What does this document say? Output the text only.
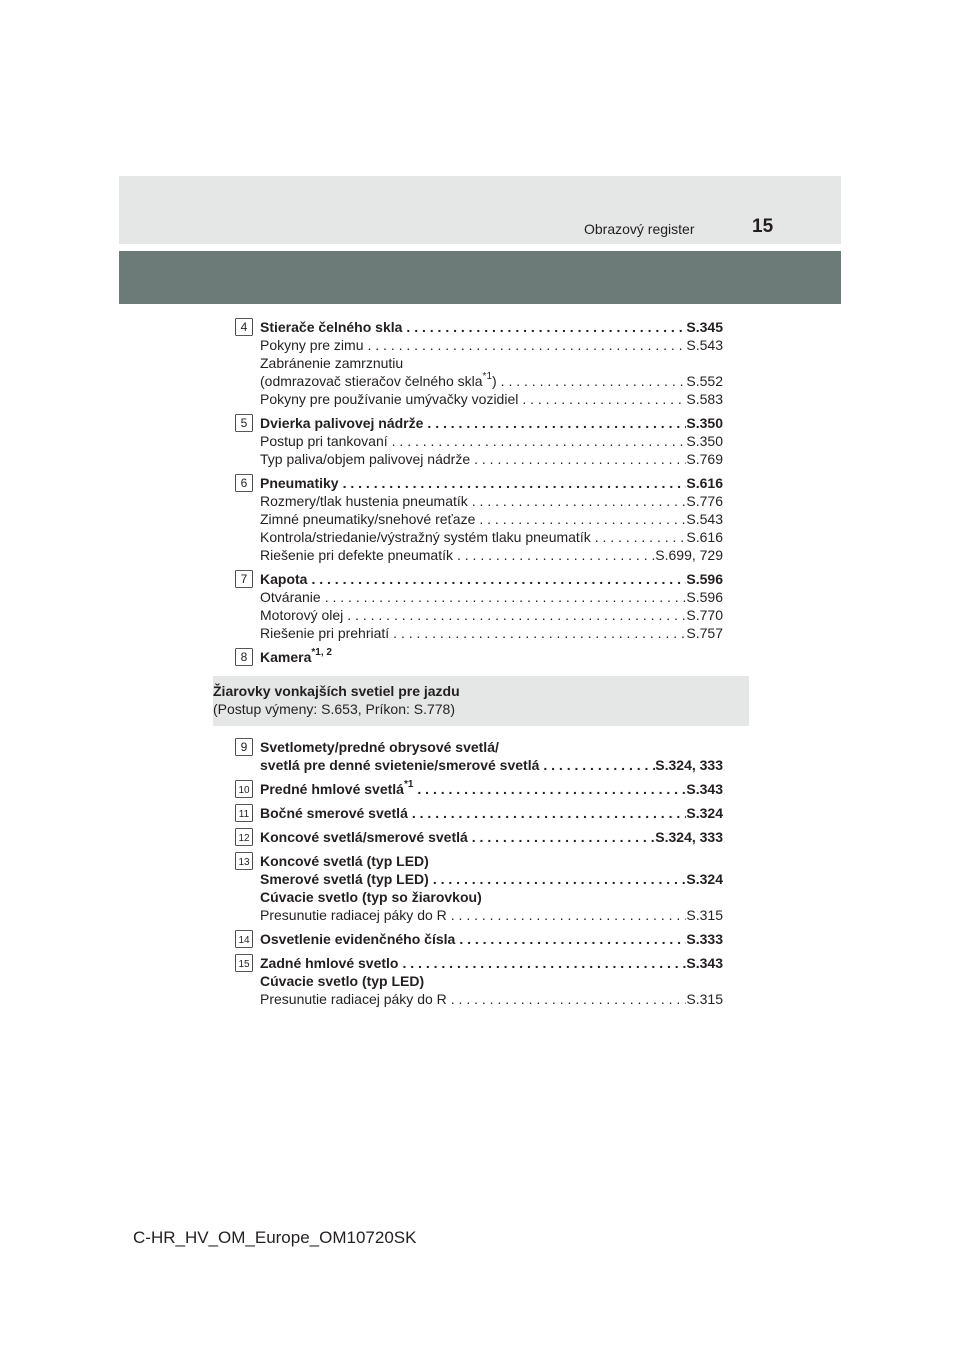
Obrazový register	15
4 Stierače čelného skla . . .	S.345
Pokyny pre zimu . . .	S.543
Zabránenie zamrznutiu
(odmrazovač stieračov čelného skla$^{*1}$) . . .	S.552
Pokyny pre používanie umývačky vozidiel . . .	S.583
5 Dvierka palivovej nádrže . . .	S.350
Postup pri tankovaní . . .	S.350
Typ paliva/objem palivovej nádrže . . .	S.769
6 Pneumatiky . . .	S.616
Rozmery/tlak hustenia pneumatík . . .	S.776
Zimné pneumatiky/snehové reťaze . . .	S.543
Kontrola/striedanie/výstražný systém tlaku pneumatík . . .	S.616
Riešenie pri defekte pneumatík . . .	S.699, 729
7 Kapota . . .	S.596
Otváranie . . .	S.596
Motorový olej . . .	S.770
Riešenie pri prehriatí . . .	S.757
8 Kamera$^{*1, 2}$
Žiarovky vonkajších svetiel pre jazdu
(Postup výmeny: S.653, Príkon: S.778)
9 Svetlomety/predné obrysové svetlá/
svetlá pre denné svietenie/smerové svetlá . . .	S.324, 333
10 Predné hmlové svetlá$^{*1}$ . . .	S.343
11 Bočné smerové svetlá . . .	S.324
12 Koncové svetlá/smerové svetlá . . .	S.324, 333
13 Koncové svetlá (typ LED)
Smerové svetlá (typ LED) . . .	S.324
Cúvacie svetlo (typ so žiarovkou)
Presunutie radiacej páky do R . . .	S.315
14 Osvetlenie evidenčného čísla . . .	S.333
15 Zadné hmlové svetlo . . .	S.343
Cúvacie svetlo (typ LED)
Presunutie radiacej páky do R . . .	S.315
C-HR_HV_OM_Europe_OM10720SK
